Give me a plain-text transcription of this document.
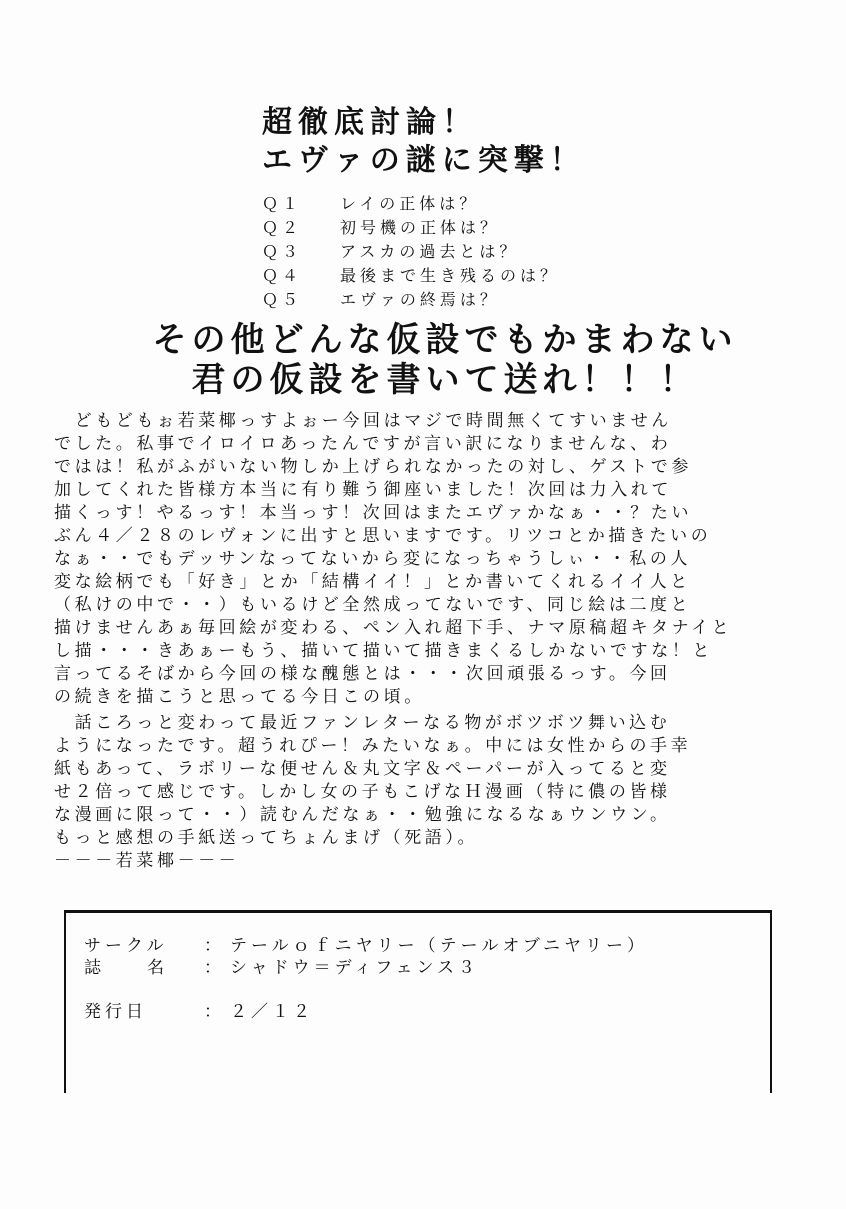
超徹底討論！
エヴァの謎に突撃！
Ｑ１	レイの正体は？
Ｑ２	初号機の正体は？
Ｑ３	アスカの過去とは？
Ｑ４	最後まで生き残るのは？
Ｑ５	エヴァの終焉は？
その他どんな仮設でもかまわない
君の仮設を書いて送れ！！！
　どもどもぉ若菜椰っすよぉー今回はマジで時間無くてすいません
でした。私事でイロイロあったんですが言い訳になりませんな、わ
ではは！私がふがいない物しか上げられなかったの対し、ゲストで参
加してくれた皆様方本当に有り難う御座いました！次回は力入れて
描くっす！やるっす！本当っす！次回はまたエヴァかなぁ・・？たい
ぶん４／２８のレヴォンに出すと思いますです。リツコとか描きたいの
なぁ・・でもデッサンなってないから変になっちゃうしぃ・・私の人
変な絵柄でも「好き」とか「結構イイ！」とか書いてくれるイイ人と
（私けの中で・・）もいるけど全然成ってないです、同じ絵は二度と
描けませんあぁ毎回絵が変わる、ペン入れ超下手、ナマ原稿超キタナイと
し描・・・きあぁーもう、描いて描いて描きまくるしかないですな！と
言ってるそばから今回の様な醜態とは・・・次回頑張るっす。今回
の続きを描こうと思ってる今日この頃。
　話ころっと変わって最近ファンレターなる物がボツボツ舞い込む
ようになったです。超うれぴー！みたいなぁ。中には女性からの手幸
紙もあって、ラボリーな便せん＆丸文字＆ペーパーが入ってると変
せ２倍って感じです。しかし女の子もこげなＨ漫画（特に儂の皆様
な漫画に限って・・）読むんだなぁ・・勉強になるなぁウンウン。
もっと感想の手紙送ってちょんまげ（死語）。
－－－若菜椰－－－
サークル	： テールｏｆニヤリー（テールオブニヤリー）
誌　　名	： シャドウ＝ディフェンス３
発行日	： ２／１２
